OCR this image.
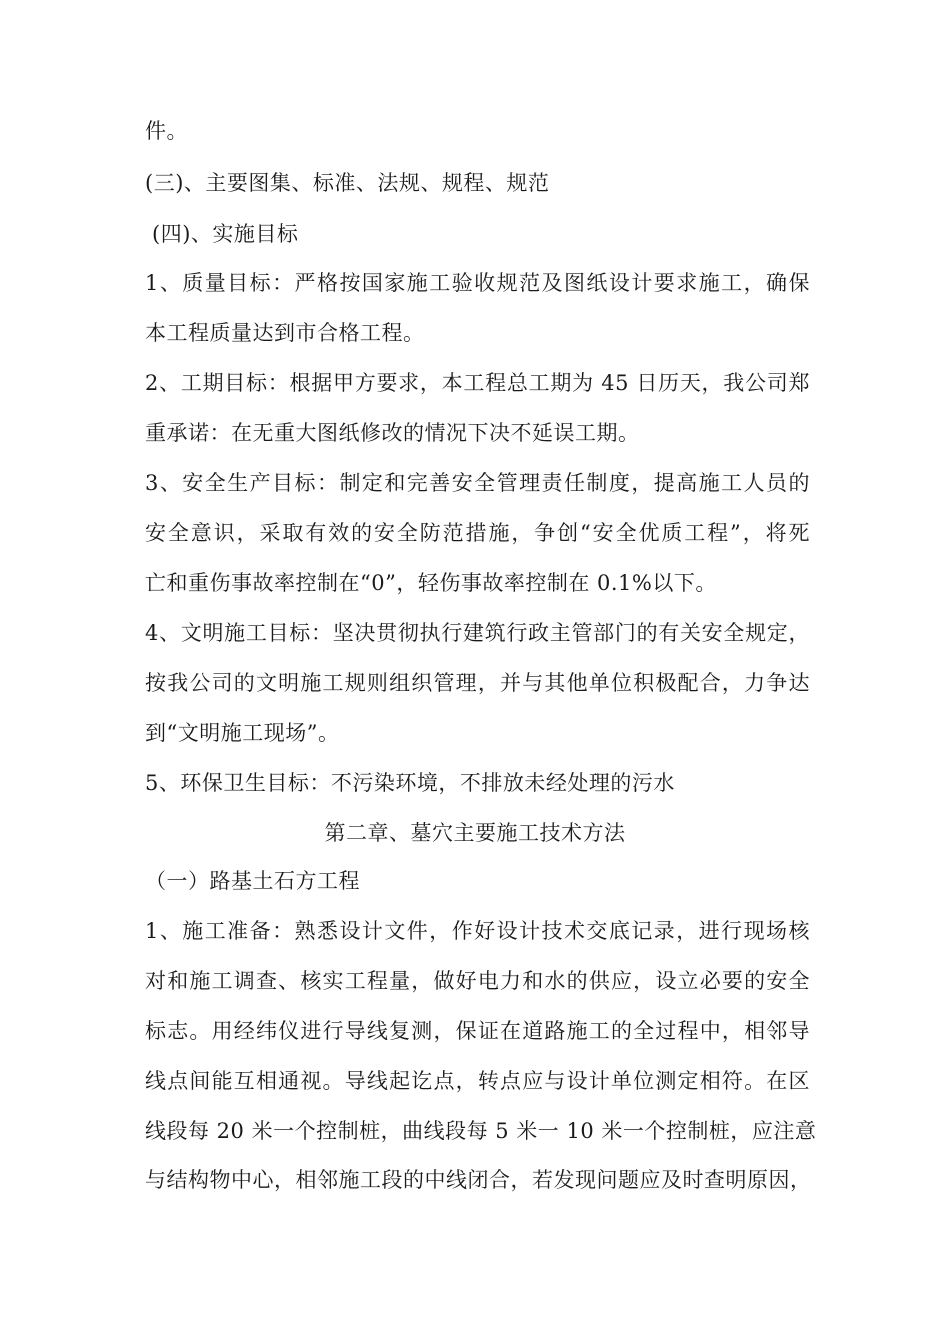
件。
(三)、主要图集、标准、法规、规程、规范
(四)、实施目标
1、质量目标：严格按国家施工验收规范及图纸设计要求施工，确保
本工程质量达到市合格工程。
2、工期目标：根据甲方要求，本工程总工期为 45 日历天，我公司郑
重承诺：在无重大图纸修改的情况下决不延误工期。
3、安全生产目标：制定和完善安全管理责任制度，提高施工人员的
安全意识，采取有效的安全防范措施，争创“安全优质工程”，将死
亡和重伤事故率控制在“0”，轻伤事故率控制在 0.1%以下。
4、文明施工目标：坚决贯彻执行建筑行政主管部门的有关安全规定，
按我公司的文明施工规则组织管理，并与其他单位积极配合，力争达
到“文明施工现场”。
5、环保卫生目标：不污染环境，不排放未经处理的污水
第二章、墓穴主要施工技术方法
（一）路基土石方工程
1、施工准备：熟悉设计文件，作好设计技术交底记录，进行现场核
对和施工调查、核实工程量，做好电力和水的供应，设立必要的安全
标志。用经纬仪进行导线复测，保证在道路施工的全过程中，相邻导
线点间能互相通视。导线起讫点，转点应与设计单位测定相符。在区
线段每 20 米一个控制桩，曲线段每 5 米一 10 米一个控制桩，应注意
与结构物中心，相邻施工段的中线闭合，若发现问题应及时查明原因，
